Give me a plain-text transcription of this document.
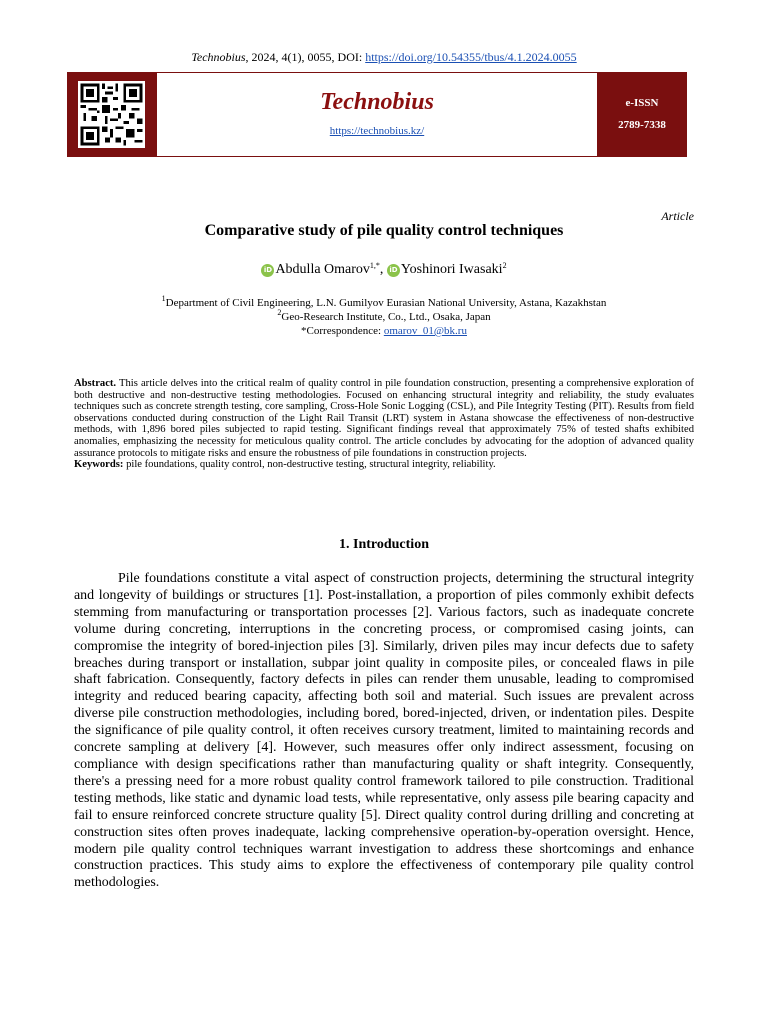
Technobius, 2024, 4(1), 0055, DOI: https://doi.org/10.54355/tbus/4.1.2024.0055
Technobius
https://technobius.kz/
e-ISSN
2789-7338
Article
Comparative study of pile quality control techniques
iD Abdulla Omarov$^{1,*}$, iD Yoshinori Iwasaki$^2$
$^1$Department of Civil Engineering, L.N. Gumilyov Eurasian National University, Astana, Kazakhstan
$^2$Geo-Research Institute, Co., Ltd., Osaka, Japan
*Correspondence: omarov_01@bk.ru

Abstract. This article delves into the critical realm of quality control in pile foundation construction, presenting a comprehensive exploration of both destructive and non-destructive testing methodologies. Focused on enhancing structural integrity and reliability, the study evaluates techniques such as concrete strength testing, core sampling, Cross-Hole Sonic Logging (CSL), and Pile Integrity Testing (PIT). Results from field observations conducted during construction of the Light Rail Transit (LRT) system in Astana showcase the effectiveness of non-destructive methods, with 1,896 bored piles subjected to rapid testing. Significant findings reveal that approximately 75% of tested shafts exhibited anomalies, emphasizing the necessity for meticulous quality control. The article concludes by advocating for the adoption of advanced quality assurance protocols to mitigate risks and ensure the robustness of pile foundations in construction projects.

Keywords: pile foundations, quality control, non-destructive testing, structural integrity, reliability.

1. Introduction

Pile foundations constitute a vital aspect of construction projects, determining the structural integrity and longevity of buildings or structures [1]. Post-installation, a proportion of piles commonly exhibit defects stemming from manufacturing or transportation processes [2]. Various factors, such as inadequate concrete volume during concreting, interruptions in the concreting process, or compromised casing joints, can compromise the integrity of bored-injection piles [3]. Similarly, driven piles may incur defects due to safety breaches during transport or installation, subpar joint quality in composite piles, or concealed flaws in pile shaft fabrication. Consequently, factory defects in piles can render them unusable, leading to compromised integrity and reduced bearing capacity, affecting both soil and material. Such issues are prevalent across diverse pile construction methodologies, including bored, bored-injected, driven, or indentation piles. Despite the significance of pile quality control, it often receives cursory treatment, limited to maintaining records and concrete sampling at delivery [4]. However, such measures offer only indirect assessment, focusing on compliance with design specifications rather than manufacturing quality or shaft integrity. Consequently, there's a pressing need for a more robust quality control framework tailored to pile construction. Traditional testing methods, like static and dynamic load tests, while representative, only assess pile bearing capacity and fail to ensure reinforced concrete structure quality [5]. Direct quality control during drilling and concreting at construction sites often proves inadequate, lacking comprehensive operation-by-operation oversight. Hence, modern pile quality control techniques warrant investigation to address these shortcomings and enhance construction practices. This study aims to explore the effectiveness of contemporary pile quality control methodologies.
